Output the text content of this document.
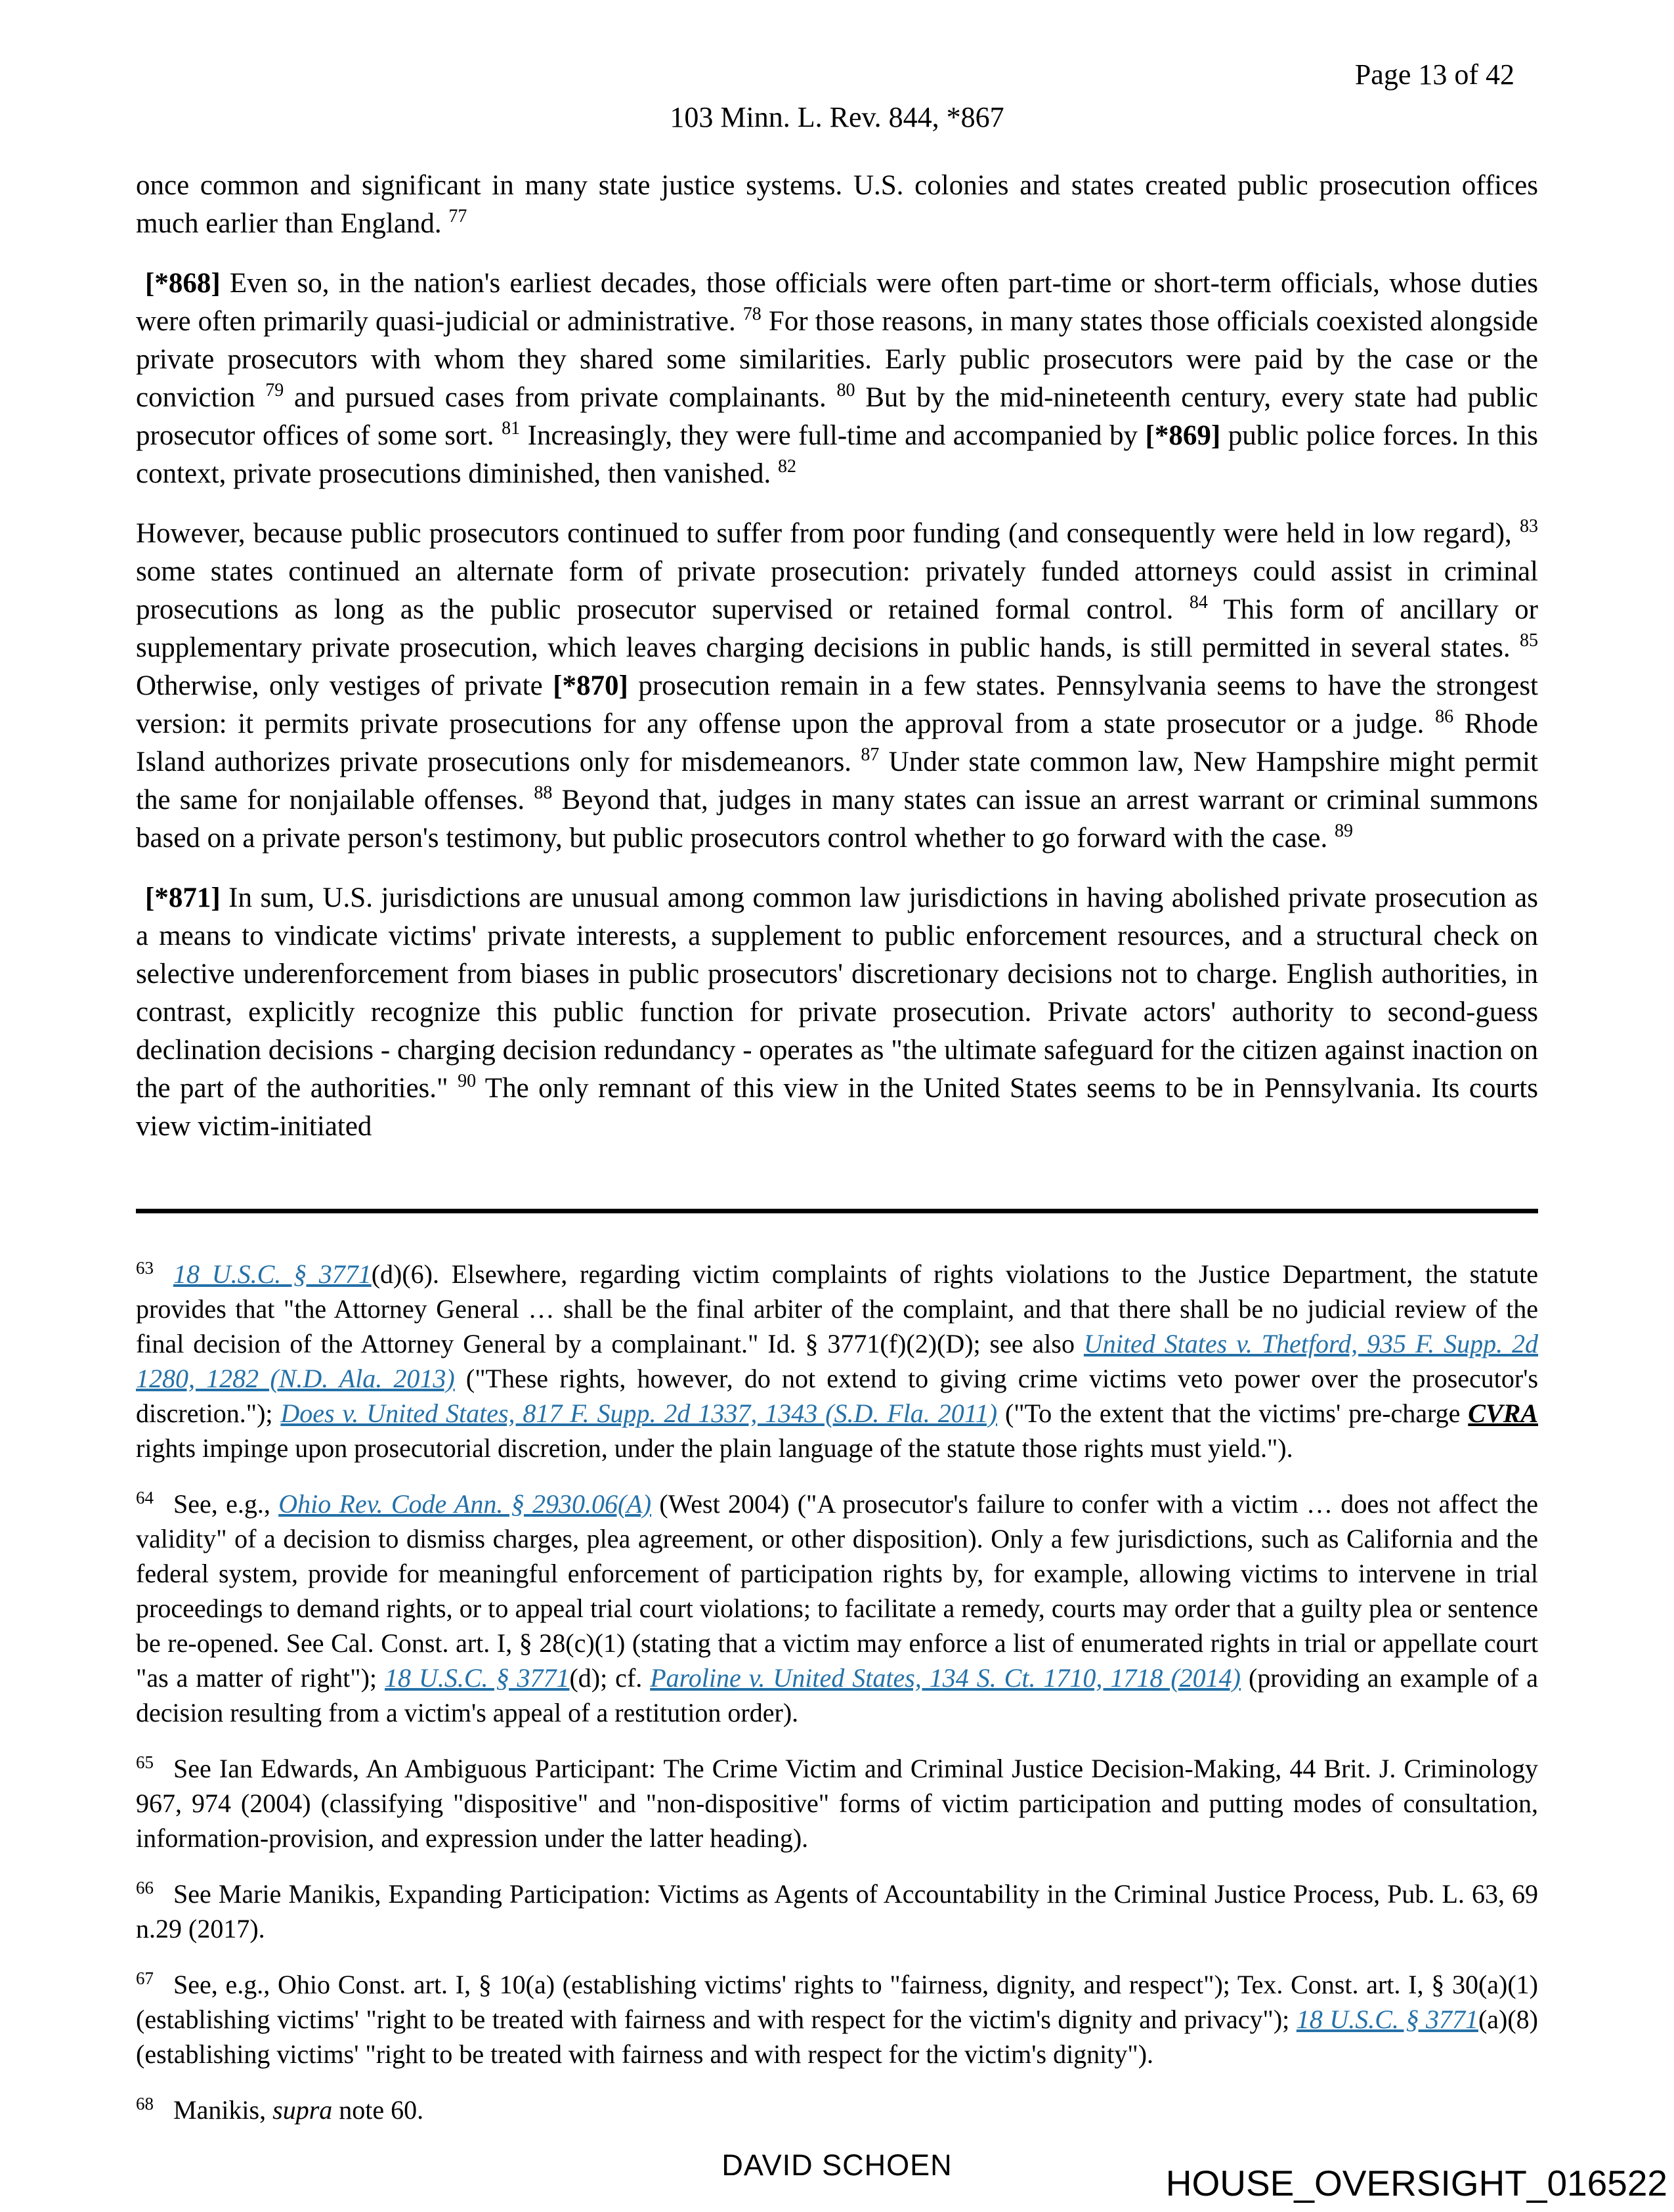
Page 13 of 42
103 Minn. L. Rev. 844, *867
once common and significant in many state justice systems. U.S. colonies and states created public prosecution offices much earlier than England. $^{77}$
[*868] Even so, in the nation's earliest decades, those officials were often part-time or short-term officials, whose duties were often primarily quasi-judicial or administrative. $^{78}$ For those reasons, in many states those officials coexisted alongside private prosecutors with whom they shared some similarities. Early public prosecutors were paid by the case or the conviction $^{79}$ and pursued cases from private complainants. $^{80}$ But by the mid-nineteenth century, every state had public prosecutor offices of some sort. $^{81}$ Increasingly, they were full-time and accompanied by [*869] public police forces. In this context, private prosecutions diminished, then vanished. $^{82}$
However, because public prosecutors continued to suffer from poor funding (and consequently were held in low regard), $^{83}$ some states continued an alternate form of private prosecution: privately funded attorneys could assist in criminal prosecutions as long as the public prosecutor supervised or retained formal control. $^{84}$ This form of ancillary or supplementary private prosecution, which leaves charging decisions in public hands, is still permitted in several states. $^{85}$ Otherwise, only vestiges of private [*870] prosecution remain in a few states. Pennsylvania seems to have the strongest version: it permits private prosecutions for any offense upon the approval from a state prosecutor or a judge. $^{86}$ Rhode Island authorizes private prosecutions only for misdemeanors. $^{87}$ Under state common law, New Hampshire might permit the same for nonjailable offenses. $^{88}$ Beyond that, judges in many states can issue an arrest warrant or criminal summons based on a private person's testimony, but public prosecutors control whether to go forward with the case. $^{89}$
[*871] In sum, U.S. jurisdictions are unusual among common law jurisdictions in having abolished private prosecution as a means to vindicate victims' private interests, a supplement to public enforcement resources, and a structural check on selective underenforcement from biases in public prosecutors' discretionary decisions not to charge. English authorities, in contrast, explicitly recognize this public function for private prosecution. Private actors' authority to second-guess declination decisions - charging decision redundancy - operates as "the ultimate safeguard for the citizen against inaction on the part of the authorities." $^{90}$ The only remnant of this view in the United States seems to be in Pennsylvania. Its courts view victim-initiated
$^{63}$ 18 U.S.C. § 3771(d)(6). Elsewhere, regarding victim complaints of rights violations to the Justice Department, the statute provides that "the Attorney General … shall be the final arbiter of the complaint, and that there shall be no judicial review of the final decision of the Attorney General by a complainant." Id. § 3771(f)(2)(D); see also United States v. Thetford, 935 F. Supp. 2d 1280, 1282 (N.D. Ala. 2013) ("These rights, however, do not extend to giving crime victims veto power over the prosecutor's discretion."); Does v. United States, 817 F. Supp. 2d 1337, 1343 (S.D. Fla. 2011) ("To the extent that the victims' pre-charge CVRA rights impinge upon prosecutorial discretion, under the plain language of the statute those rights must yield.").
$^{64}$ See, e.g., Ohio Rev. Code Ann. § 2930.06(A) (West 2004) ("A prosecutor's failure to confer with a victim … does not affect the validity" of a decision to dismiss charges, plea agreement, or other disposition). Only a few jurisdictions, such as California and the federal system, provide for meaningful enforcement of participation rights by, for example, allowing victims to intervene in trial proceedings to demand rights, or to appeal trial court violations; to facilitate a remedy, courts may order that a guilty plea or sentence be re-opened. See Cal. Const. art. I, § 28(c)(1) (stating that a victim may enforce a list of enumerated rights in trial or appellate court "as a matter of right"); 18 U.S.C. § 3771(d); cf. Paroline v. United States, 134 S. Ct. 1710, 1718 (2014) (providing an example of a decision resulting from a victim's appeal of a restitution order).
$^{65}$ See Ian Edwards, An Ambiguous Participant: The Crime Victim and Criminal Justice Decision-Making, 44 Brit. J. Criminology 967, 974 (2004) (classifying "dispositive" and "non-dispositive" forms of victim participation and putting modes of consultation, information-provision, and expression under the latter heading).
$^{66}$ See Marie Manikis, Expanding Participation: Victims as Agents of Accountability in the Criminal Justice Process, Pub. L. 63, 69 n.29 (2017).
$^{67}$ See, e.g., Ohio Const. art. I, § 10(a) (establishing victims' rights to "fairness, dignity, and respect"); Tex. Const. art. I, § 30(a)(1) (establishing victims' "right to be treated with fairness and with respect for the victim's dignity and privacy"); 18 U.S.C. § 3771(a)(8) (establishing victims' "right to be treated with fairness and with respect for the victim's dignity").
$^{68}$ Manikis, supra note 60.
DAVID SCHOEN	HOUSE_OVERSIGHT_016522
